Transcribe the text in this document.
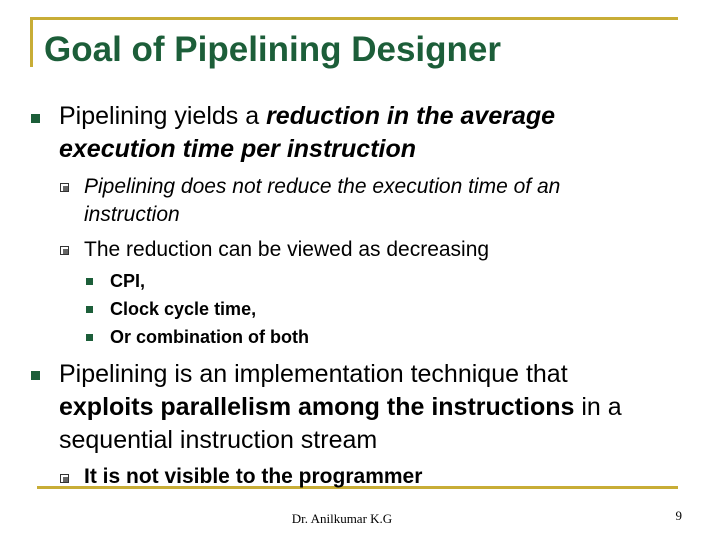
Goal of Pipelining Designer
Pipelining yields a reduction in the average
execution time per instruction
Pipelining does not reduce the execution time of an
instruction
The reduction can be viewed as decreasing
CPI,
Clock cycle time,
Or combination of both
Pipelining is an implementation technique that
exploits parallelism among the instructions in a
sequential instruction stream
It is not visible to the programmer
Dr. Anilkumar K.G	9
